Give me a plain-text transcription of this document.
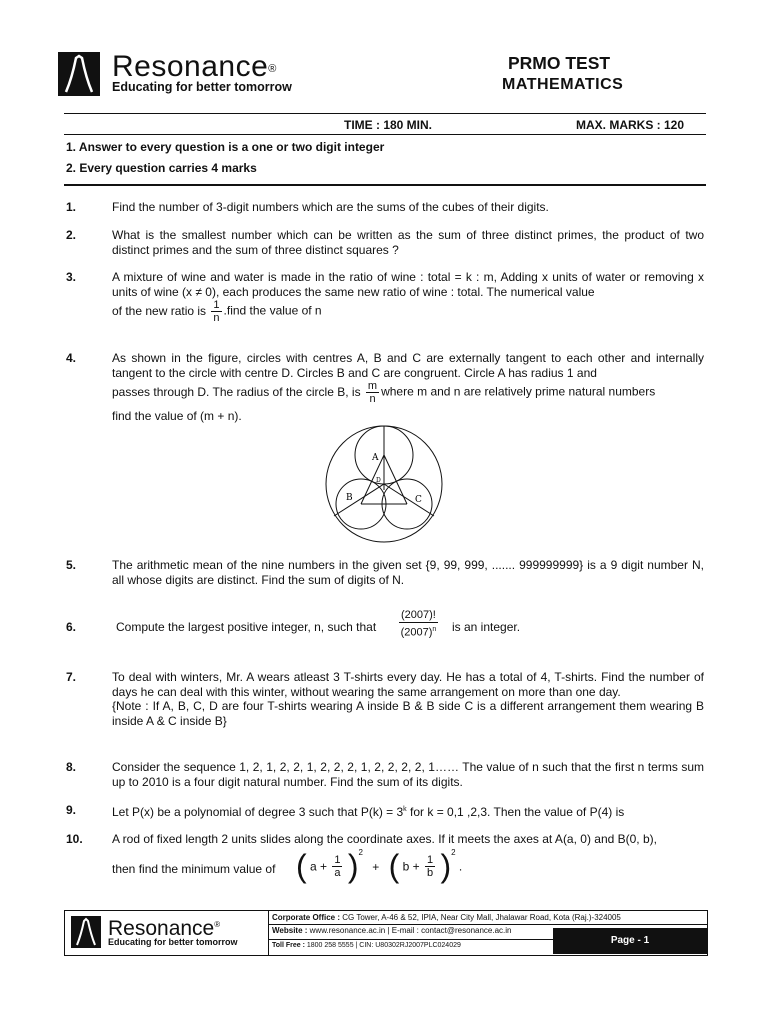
Resonance®
Educating for better tomorrow
PRMO TEST
MATHEMATICS
TIME : 180 MIN.	MAX. MARKS : 120
1. Answer to every question is a one or two digit integer
2. Every question carries 4 marks
1.	Find the number of 3-digit numbers which are the sums of the cubes of their digits.
2.	What is the smallest number which can be written as the sum of three distinct primes, the product of two distinct primes and the sum of three distinct squares ?
3.	A mixture of wine and water is made in the ratio of wine : total = k : m, Adding x units of water or removing x units of wine (x ≠ 0), each produces the same new ratio of wine : total. The numerical value
of the new ratio is $\frac{1}{n}$ .find the value of n
4.	As shown in the figure, circles with centres A, B and C are externally tangent to each other and internally tangent to the circle with centre D. Circles B and C are congruent. Circle A has radius 1 and
passes through D. The radius of the circle B, is $\frac{m}{n}$ where m and n are relatively prime natural numbers
find the value of (m + n).
A
B	C
D
5.	The arithmetic mean of the nine numbers in the given set {9, 99, 999, ....... 999999999} is a 9 digit number N, all whose digits are distinct. Find the sum of digits of N.
6.	Compute the largest positive integer, n, such that
(2007)!
$(2007)^n$ is an integer.
7.	To deal with winters, Mr. A wears atleast 3 T-shirts every day. He has a total of 4, T-shirts. Find the number of days he can deal with this winter, without wearing the same arrangement on more than one day.
{Note : If A, B, C, D are four T-shirts wearing A inside B & B side C is a different arrangement them wearing B inside A & C inside B}
8.	Consider the sequence 1, 2, 1, 2, 2, 1, 2, 2, 2, 1, 2, 2, 2, 2, 1…… The value of n such that the first n terms sum up to 2010 is a four digit natural number. Find the sum of its digits.
9.	Let P(x) be a polynomial of degree 3 such that $P(k) = 3^k$ for k = 0,1 ,2,3. Then the value of P(4) is
10. A rod of fixed length 2 units slides along the coordinate axes. If it meets the axes at A(a, 0) and B(0, b),
then find the minimum value of ( $a + \frac{1}{a} )^2$ + ( $b + \frac{1}{b} )^2$ .
Resonance®
Educating for better tomorrow
Corporate Office : CG Tower, A-46 & 52, IPIA, Near City Mall, Jhalawar Road, Kota (Raj.)-324005
Website : www.resonance.ac.in | E-mail : contact@resonance.ac.in
Toll Free : 1800 258 5555 | CIN: U80302RJ2007PLC024029	Page - 1
